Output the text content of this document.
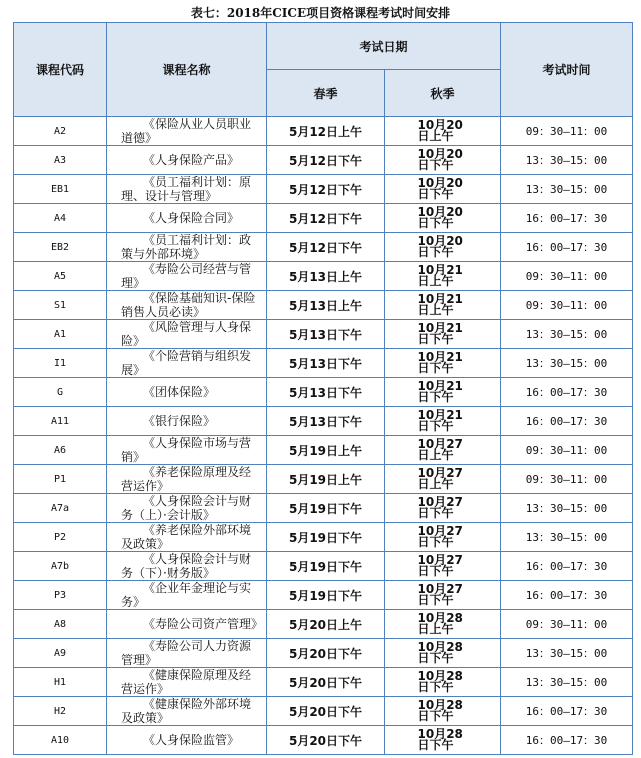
表七：2018年CICE项目资格课程考试时间安排
课程代码	课程名称	考试日期		考试时间
		春季	秋季	
A2	《保险从业人员职业道德》	5月12日上午	10月20日上午	09：30—11：00
A3	《人身保险产品》	5月12日下午	10月20日下午	13：30—15：00
EB1	《员工福利计划：原理、设计与管理》	5月12日下午	10月20日下午	13：30—15：00
A4	《人身保险合同》	5月12日下午	10月20日下午	16：00—17：30
EB2	《员工福利计划：政策与外部环境》	5月12日下午	10月20日下午	16：00—17：30
A5	《寿险公司经营与管理》	5月13日上午	10月21日上午	09：30—11：00
S1	《保险基础知识-保险销售人员必读》	5月13日上午	10月21日上午	09：30—11：00
A1	《风险管理与人身保险》	5月13日下午	10月21日下午	13：30—15：00
I1	《个险营销与组织发展》	5月13日下午	10月21日下午	13：30—15：00
G	《团体保险》	5月13日下午	10月21日下午	16：00—17：30
A11	《银行保险》	5月13日下午	10月21日下午	16：00—17：30
A6	《人身保险市场与营销》	5月19日上午	10月27日上午	09：30—11：00
P1	《养老保险原理及经营运作》	5月19日上午	10月27日上午	09：30—11：00
A7a	《人身保险会计与财务（上）·会计版》	5月19日下午	10月27日下午	13：30—15：00
P2	《养老保险外部环境及政策》	5月19日下午	10月27日下午	13：30—15：00
A7b	《人身保险会计与财务（下）·财务版》	5月19日下午	10月27日下午	16：00—17：30
P3	《企业年金理论与实务》	5月19日下午	10月27日下午	16：00—17：30
A8	《寿险公司资产管理》	5月20日上午	10月28日上午	09：30—11：00
A9	《寿险公司人力资源管理》	5月20日下午	10月28日下午	13：30—15：00
H1	《健康保险原理及经营运作》	5月20日下午	10月28日下午	13：30—15：00
H2	《健康保险外部环境及政策》	5月20日下午	10月28日下午	16：00—17：30
A10	《人身保险监管》	5月20日下午	10月28日下午	16：00—17：30
